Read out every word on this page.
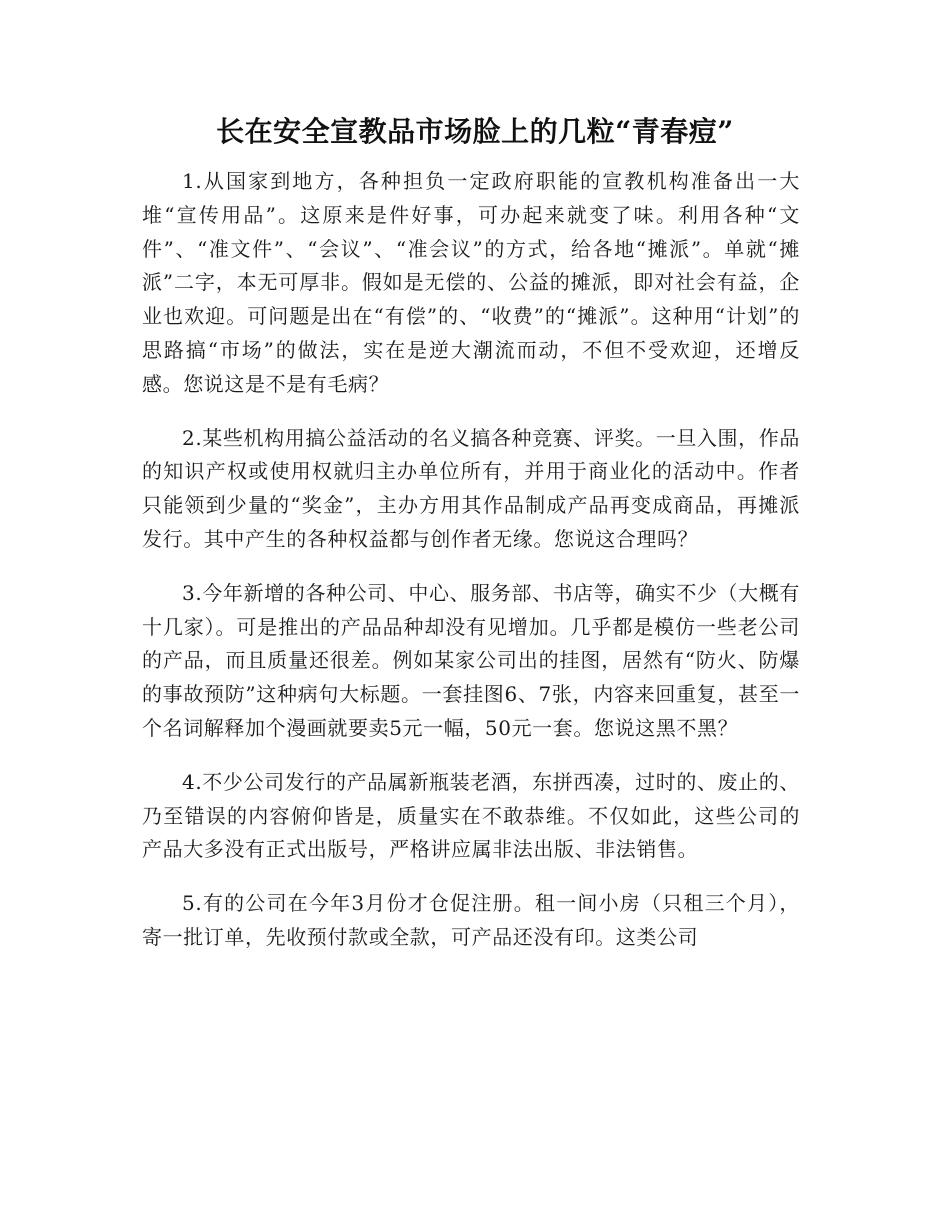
长在安全宣教品市场脸上的几粒“青春痘”

1.从国家到地方，各种担负一定政府职能的宣教机构准备出一大堆“宣传用品”。这原来是件好事，可办起来就变了味。利用各种“文件”、“准文件”、“会议”、“准会议”的方式，给各地“摊派”。单就“摊派”二字，本无可厚非。假如是无偿的、公益的摊派，即对社会有益，企业也欢迎。可问题是出在“有偿”的、“收费”的“摊派”。这种用“计划”的思路搞“市场”的做法，实在是逆大潮流而动，不但不受欢迎，还增反感。您说这是不是有毛病？

2.某些机构用搞公益活动的名义搞各种竞赛、评奖。一旦入围，作品的知识产权或使用权就归主办单位所有，并用于商业化的活动中。作者只能领到少量的“奖金”，主办方用其作品制成产品再变成商品，再摊派发行。其中产生的各种权益都与创作者无缘。您说这合理吗？

3.今年新增的各种公司、中心、服务部、书店等，确实不少（大概有十几家）。可是推出的产品品种却没有见增加。几乎都是模仿一些老公司的产品，而且质量还很差。例如某家公司出的挂图，居然有“防火、防爆的事故预防”这种病句大标题。一套挂图6、7张，内容来回重复，甚至一个名词解释加个漫画就要卖5元一幅，50元一套。您说这黑不黑？

4.不少公司发行的产品属新瓶装老酒，东拼西凑，过时的、废止的、乃至错误的内容俯仰皆是，质量实在不敢恭维。不仅如此，这些公司的产品大多没有正式出版号，严格讲应属非法出版、非法销售。

5.有的公司在今年3月份才仓促注册。租一间小房（只租三个月），寄一批订单，先收预付款或全款，可产品还没有印。这类公司
